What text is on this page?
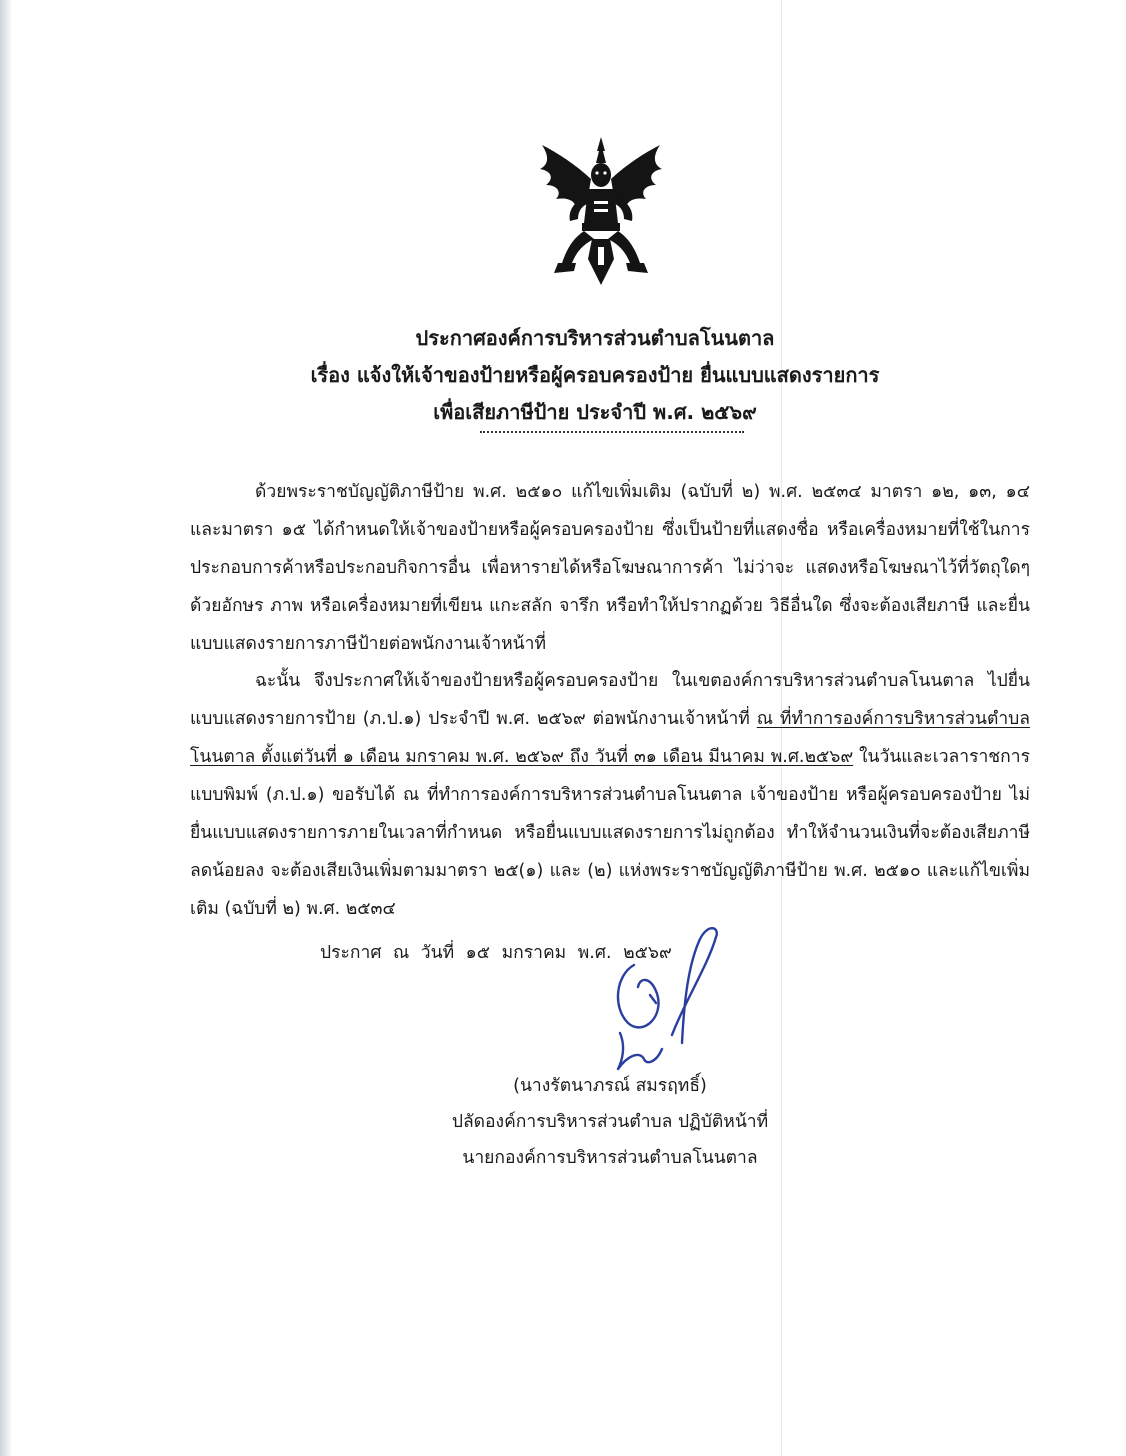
ประกาศองค์การบริหารส่วนตำบลโนนตาล
เรื่อง แจ้งให้เจ้าของป้ายหรือผู้ครอบครองป้าย ยื่นแบบแสดงรายการ
เพื่อเสียภาษีป้าย ประจำปี พ.ศ. ๒๕๖๙

ด้วยพระราชบัญญัติภาษีป้าย พ.ศ. ๒๕๑๐ แก้ไขเพิ่มเติม (ฉบับที่ ๒) พ.ศ. ๒๕๓๔ มาตรา ๑๒, ๑๓, ๑๔ และมาตรา ๑๕ ได้กำหนดให้เจ้าของป้ายหรือผู้ครอบครองป้าย ซึ่งเป็นป้ายที่แสดงชื่อ หรือเครื่องหมายที่ใช้ในการประกอบการค้าหรือประกอบกิจการอื่น เพื่อหารายได้หรือโฆษณาการค้า ไม่ว่าจะ แสดงหรือโฆษณาไว้ที่วัตถุใดๆ ด้วยอักษร ภาพ หรือเครื่องหมายที่เขียน แกะสลัก จารึก หรือทำให้ปรากฏด้วย วิธีอื่นใด ซึ่งจะต้องเสียภาษี และยื่นแบบแสดงรายการภาษีป้ายต่อพนักงานเจ้าหน้าที่

ฉะนั้น จึงประกาศให้เจ้าของป้ายหรือผู้ครอบครองป้าย ในเขตองค์การบริหารส่วนตำบลโนนตาล ไปยื่นแบบแสดงรายการป้าย (ภ.ป.๑) ประจำปี พ.ศ. ๒๕๖๙ ต่อพนักงานเจ้าหน้าที่ ณ ที่ทำการองค์การบริหารส่วนตำบลโนนตาล ตั้งแต่วันที่ ๑ เดือน มกราคม พ.ศ. ๒๕๖๙ ถึง วันที่ ๓๑ เดือน มีนาคม พ.ศ.๒๕๖๙ ในวันและเวลาราชการ แบบพิมพ์ (ภ.ป.๑) ขอรับได้ ณ ที่ทำการองค์การบริหารส่วนตำบลโนนตาล เจ้าของป้าย หรือผู้ครอบครองป้าย ไม่ยื่นแบบแสดงรายการภายในเวลาที่กำหนด หรือยื่นแบบแสดงรายการไม่ถูกต้อง ทำให้จำนวนเงินที่จะต้องเสียภาษีลดน้อยลง จะต้องเสียเงินเพิ่มตามมาตรา ๒๕(๑) และ (๒) แห่งพระราชบัญญัติภาษีป้าย พ.ศ. ๒๕๑๐ และแก้ไขเพิ่มเติม (ฉบับที่ ๒) พ.ศ. ๒๕๓๔

ประกาศ ณ วันที่ ๑๕ มกราคม พ.ศ. ๒๕๖๙
(นางรัตนาภรณ์ สมรฤทธิ์)
ปลัดองค์การบริหารส่วนตำบล ปฏิบัติหน้าที่
นายกองค์การบริหารส่วนตำบลโนนตาล
